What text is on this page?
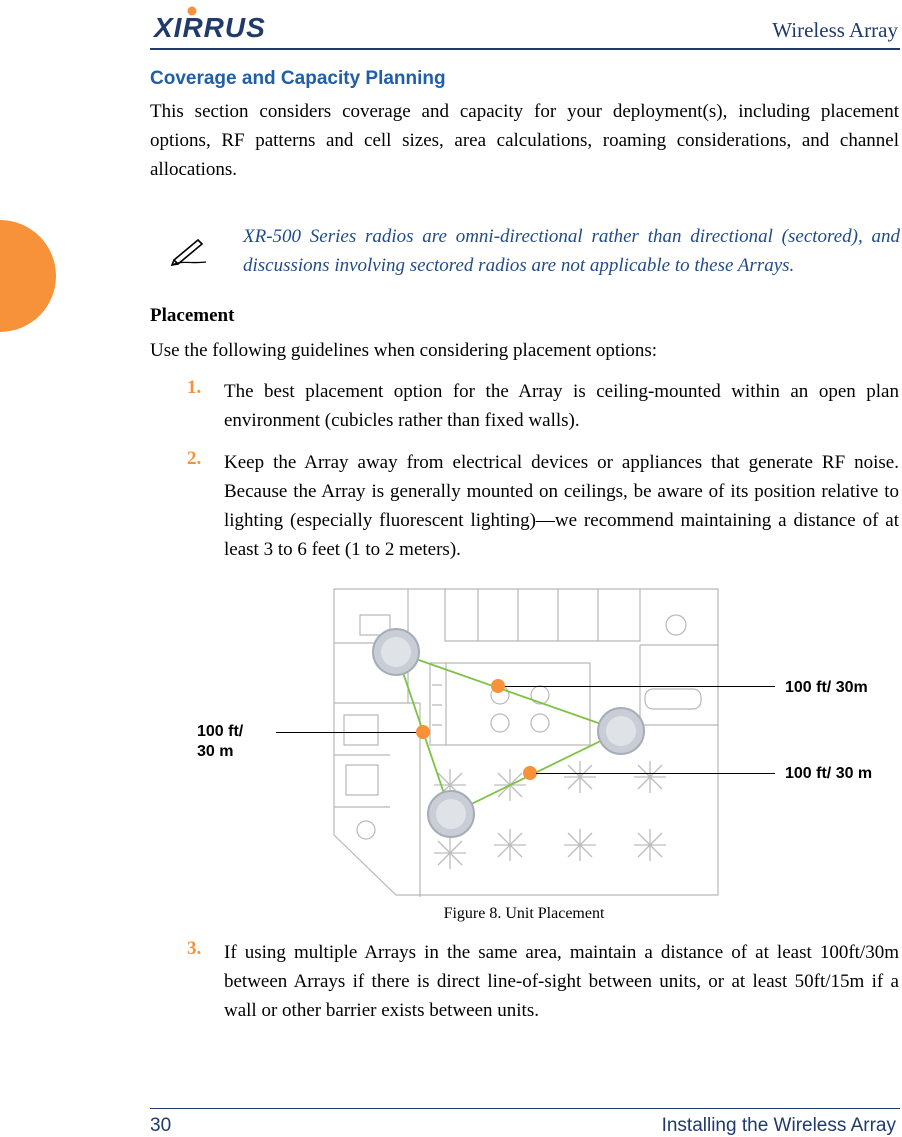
XIRRUS	Wireless Array
Coverage and Capacity Planning

This section considers coverage and capacity for your deployment(s), including placement options, RF patterns and cell sizes, area calculations, roaming considerations, and channel allocations.

XR-500 Series radios are omni-directional rather than directional (sectored), and discussions involving sectored radios are not applicable to these Arrays.

Placement

Use the following guidelines when considering placement options:

1. The best placement option for the Array is ceiling-mounted within an open plan environment (cubicles rather than fixed walls).

2. Keep the Array away from electrical devices or appliances that generate RF noise. Because the Array is generally mounted on ceilings, be aware of its position relative to lighting (especially fluorescent lighting)—we recommend maintaining a distance of at least 3 to 6 feet (1 to 2 meters).

100 ft/ 30m
100 ft/
30 m
100 ft/ 30 m
Figure 8. Unit Placement
3. If using multiple Arrays in the same area, maintain a distance of at least 100ft/30m between Arrays if there is direct line-of-sight between units, or at least 50ft/15m if a wall or other barrier exists between units.

30	Installing the Wireless Array
